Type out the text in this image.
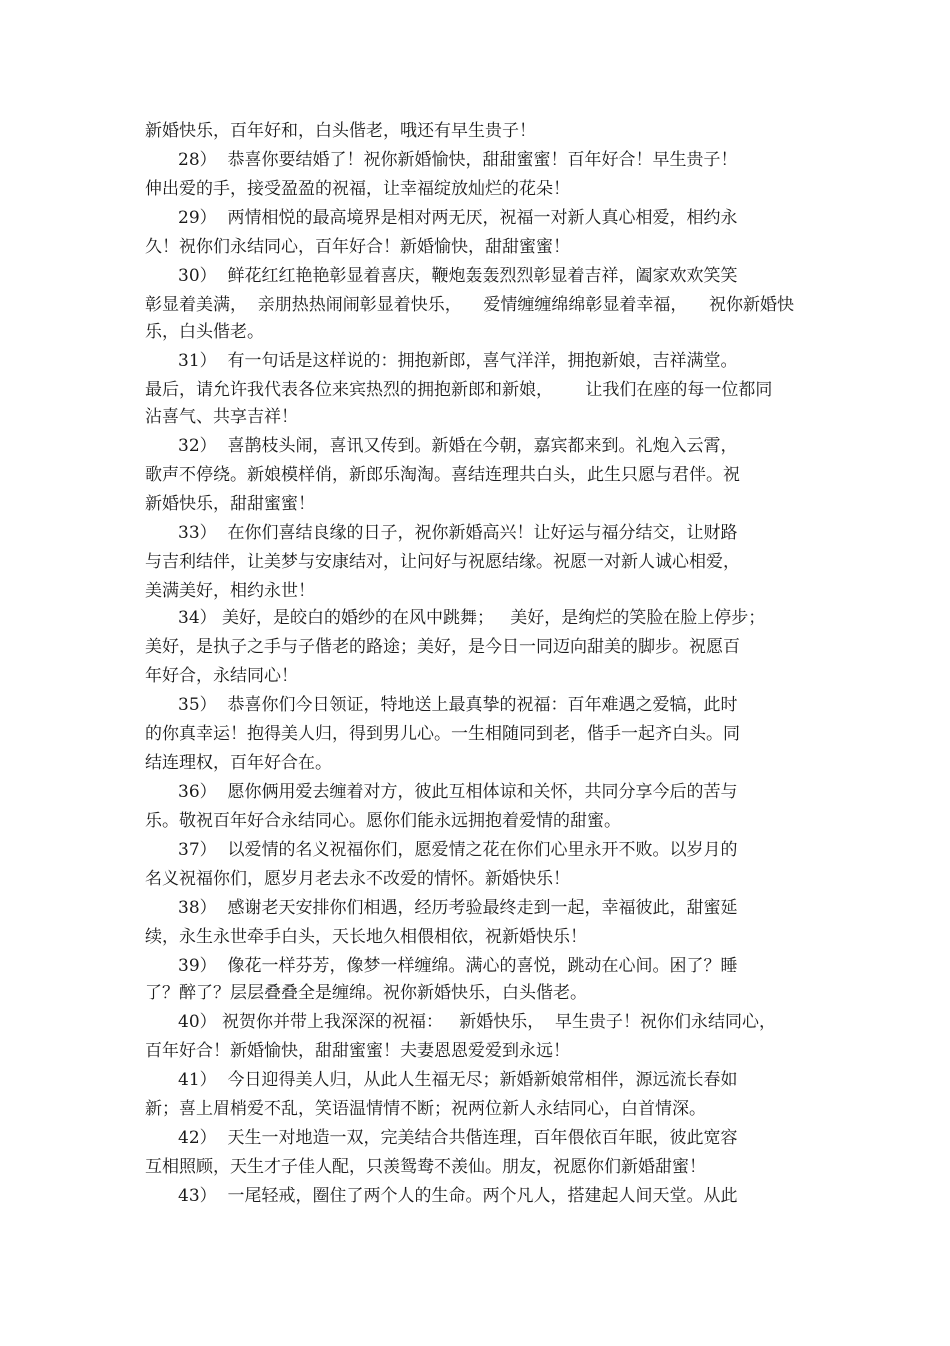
新婚快乐，百年好和，白头偕老，哦还有早生贵子！
28）  恭喜你要结婚了！祝你新婚愉快，甜甜蜜蜜！百年好合！早生贵子！
伸出爱的手，接受盈盈的祝福，让幸福绽放灿烂的花朵！
29）  两情相悦的最高境界是相对两无厌，祝福一对新人真心相爱，相约永
久！祝你们永结同心，百年好合！新婚愉快，甜甜蜜蜜！
30）  鲜花红红艳艳彰显着喜庆，鞭炮轰轰烈烈彰显着吉祥，阖家欢欢笑笑
彰显着美满，  亲朋热热闹闹彰显着快乐，    爱情缠缠绵绵彰显着幸福，    祝你新婚快
乐，白头偕老。
31）  有一句话是这样说的：拥抱新郎，喜气洋洋，拥抱新娘，吉祥满堂。
最后，请允许我代表各位来宾热烈的拥抱新郎和新娘，      让我们在座的每一位都同
沾喜气、共享吉祥！
32）  喜鹊枝头闹，喜讯又传到。新婚在今朝，嘉宾都来到。礼炮入云霄，
歌声不停绕。新娘模样俏，新郎乐淘淘。喜结连理共白头，此生只愿与君伴。祝
新婚快乐，甜甜蜜蜜！
33）  在你们喜结良缘的日子，祝你新婚高兴！让好运与福分结交，让财路
与吉利结伴，让美梦与安康结对，让问好与祝愿结缘。祝愿一对新人诚心相爱，
美满美好，相约永世！
34） 美好，是皎白的婚纱的在风中跳舞；   美好，是绚烂的笑脸在脸上停步；
美好，是执子之手与子偕老的路途；美好，是今日一同迈向甜美的脚步。祝愿百
年好合，永结同心！
35）  恭喜你们今日领证，特地送上最真挚的祝福：百年难遇之爱犒，此时
的你真幸运！抱得美人归，得到男儿心。一生相随同到老，偕手一起齐白头。同
结连理权，百年好合在。
36）  愿你俩用爱去缠着对方，彼此互相体谅和关怀，共同分享今后的苦与
乐。敬祝百年好合永结同心。愿你们能永远拥抱着爱情的甜蜜。
37）  以爱情的名义祝福你们，愿爱情之花在你们心里永开不败。以岁月的
名义祝福你们，愿岁月老去永不改爱的情怀。新婚快乐！
38）  感谢老天安排你们相遇，经历考验最终走到一起，幸福彼此，甜蜜延
续，永生永世牵手白头，天长地久相偎相依，祝新婚快乐！
39）  像花一样芬芳，像梦一样缠绵。满心的喜悦，跳动在心间。困了？睡
了？醉了？层层叠叠全是缠绵。祝你新婚快乐，白头偕老。
40） 祝贺你并带上我深深的祝福：   新婚快乐，  早生贵子！祝你们永结同心，
百年好合！新婚愉快，甜甜蜜蜜！夫妻恩恩爱爱到永远！
41）  今日迎得美人归，从此人生福无尽；新婚新娘常相伴，源远流长春如
新；喜上眉梢爱不乱，笑语温情情不断；祝两位新人永结同心，白首情深。
42）  天生一对地造一双，完美结合共偕连理，百年偎依百年眠，彼此宽容
互相照顾，天生才子佳人配，只羡鸳鸯不羡仙。朋友，祝愿你们新婚甜蜜！
43）  一尾轻戒，圈住了两个人的生命。两个凡人，搭建起人间天堂。从此
